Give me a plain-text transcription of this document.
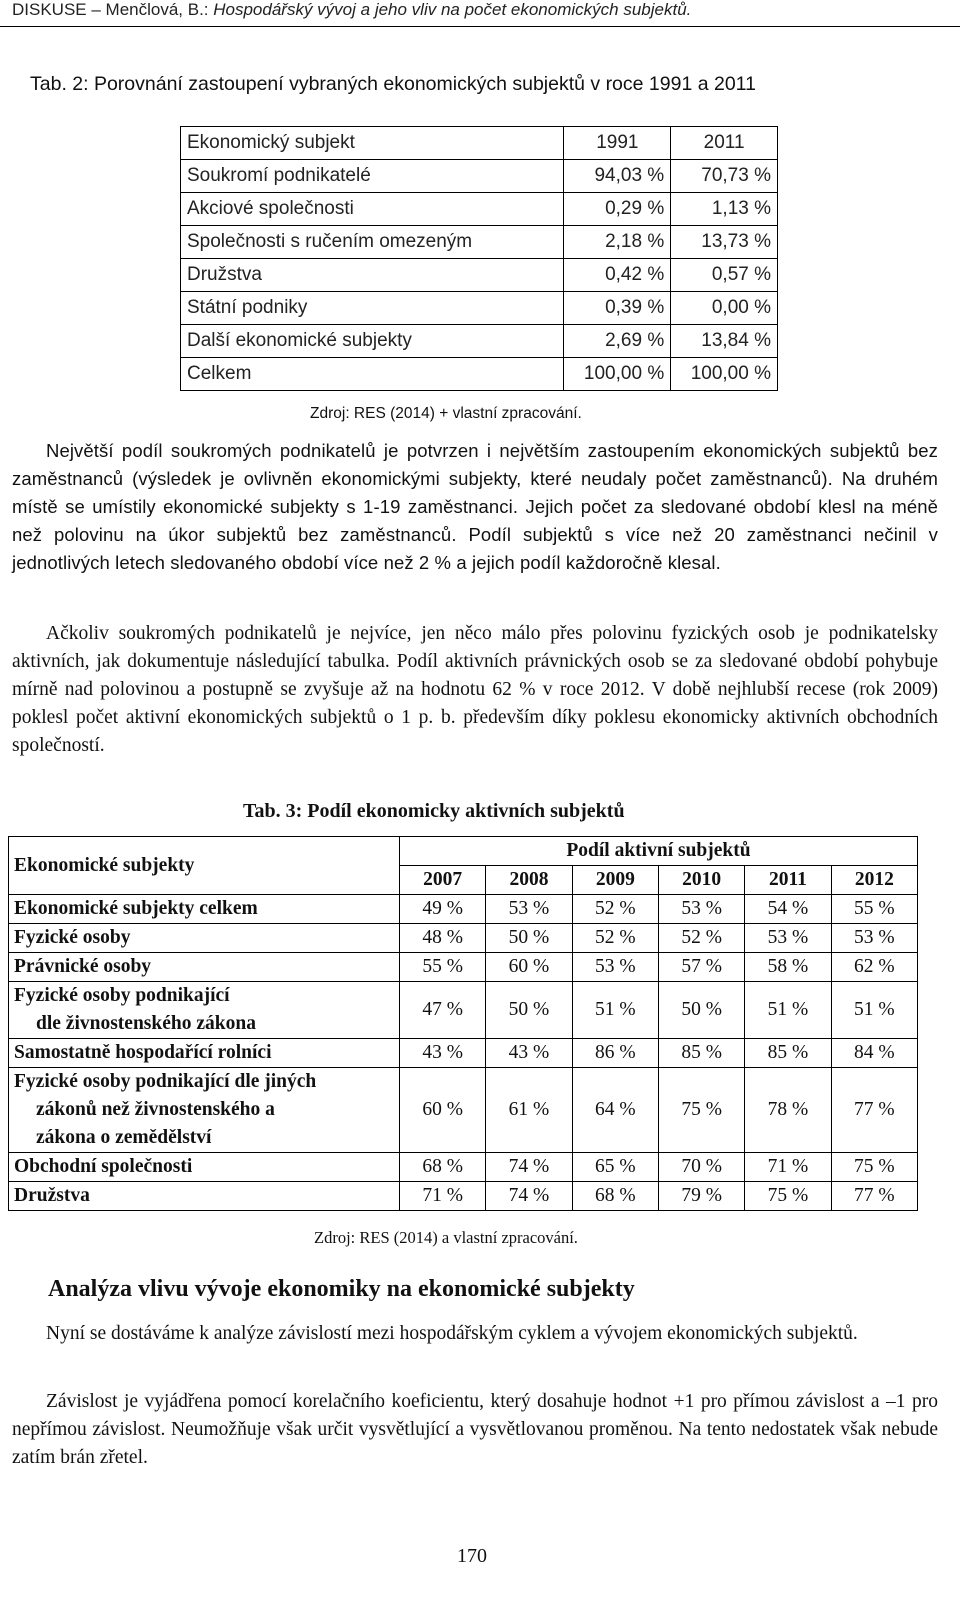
DISKUSE – Menčlová, B.: Hospodářský vývoj a jeho vliv na počet ekonomických subjektů.
Tab. 2: Porovnání zastoupení vybraných ekonomických subjektů v roce 1991 a 2011
Ekonomický subjekt	1991	2011
Soukromí podnikatelé	94,03 %	70,73 %
Akciové společnosti	0,29 %	1,13 %
Společnosti s ručením omezeným	2,18 %	13,73 %
Družstva	0,42 %	0,57 %
Státní podniky	0,39 %	0,00 %
Další ekonomické subjekty	2,69 %	13,84 %
Celkem	100,00 %	100,00 %
Zdroj: RES (2014) + vlastní zpracování.

Největší podíl soukromých podnikatelů je potvrzen i největším zastoupením ekonomických subjektů bez zaměstnanců (výsledek je ovlivněn ekonomickými subjekty, které neudaly počet zaměstnanců). Na druhém místě se umístily ekonomické subjekty s 1-19 zaměstnanci. Jejich počet za sledované období klesl na méně než polovinu na úkor subjektů bez zaměstnanců. Podíl subjektů s více než 20 zaměstnanci nečinil v jednotlivých letech sledovaného období více než 2 % a jejich podíl každoročně klesal.

Ačkoliv soukromých podnikatelů je nejvíce, jen něco málo přes polovinu fyzických osob je podnikatelsky aktivních, jak dokumentuje následující tabulka. Podíl aktivních právnických osob se za sledované období pohybuje mírně nad polovinou a postupně se zvyšuje až na hodnotu 62 % v roce 2012. V době nejhlubší recese (rok 2009) poklesl počet aktivní ekonomických subjektů o 1 p. b. především díky poklesu ekonomicky aktivních obchodních společností.

Tab. 3: Podíl ekonomicky aktivních subjektů
Ekonomické subjekty	Podíl aktivní subjektů					
	2007	2008	2009	2010	2011	2012
Ekonomické subjekty celkem	49 %	53 %	52 %	53 %	54 %	55 %
Fyzické osoby	48 %	50 %	52 %	52 %	53 %	53 %
Právnické osoby	55 %	60 %	53 %	57 %	58 %	62 %

Fyzické osoby podnikající
dle živnostenského zákona	47 %	50 %	51 %	50 %	51 %	51 %
Samostatně hospodařící rolníci	43 %	43 %	86 %	85 %	85 %	84 %

Fyzické osoby podnikající dle jiných
zákonů než živnostenského a
zákona o zemědělství	60 %	61 %	64 %	75 %	78 %	77 %
Obchodní společnosti	68 %	74 %	65 %	70 %	71 %	75 %
Družstva	71 %	74 %	68 %	79 %	75 %	77 %
Zdroj: RES (2014) a vlastní zpracování.
Analýza vlivu vývoje ekonomiky na ekonomické subjekty

Nyní se dostáváme k analýze závislostí mezi hospodářským cyklem a vývojem ekonomických subjektů.

Závislost je vyjádřena pomocí korelačního koeficientu, který dosahuje hodnot +1 pro přímou závislost a –1 pro nepřímou závislost. Neumožňuje však určit vysvětlující a vysvětlovanou proměnou. Na tento nedostatek však nebude zatím brán zřetel.

170
